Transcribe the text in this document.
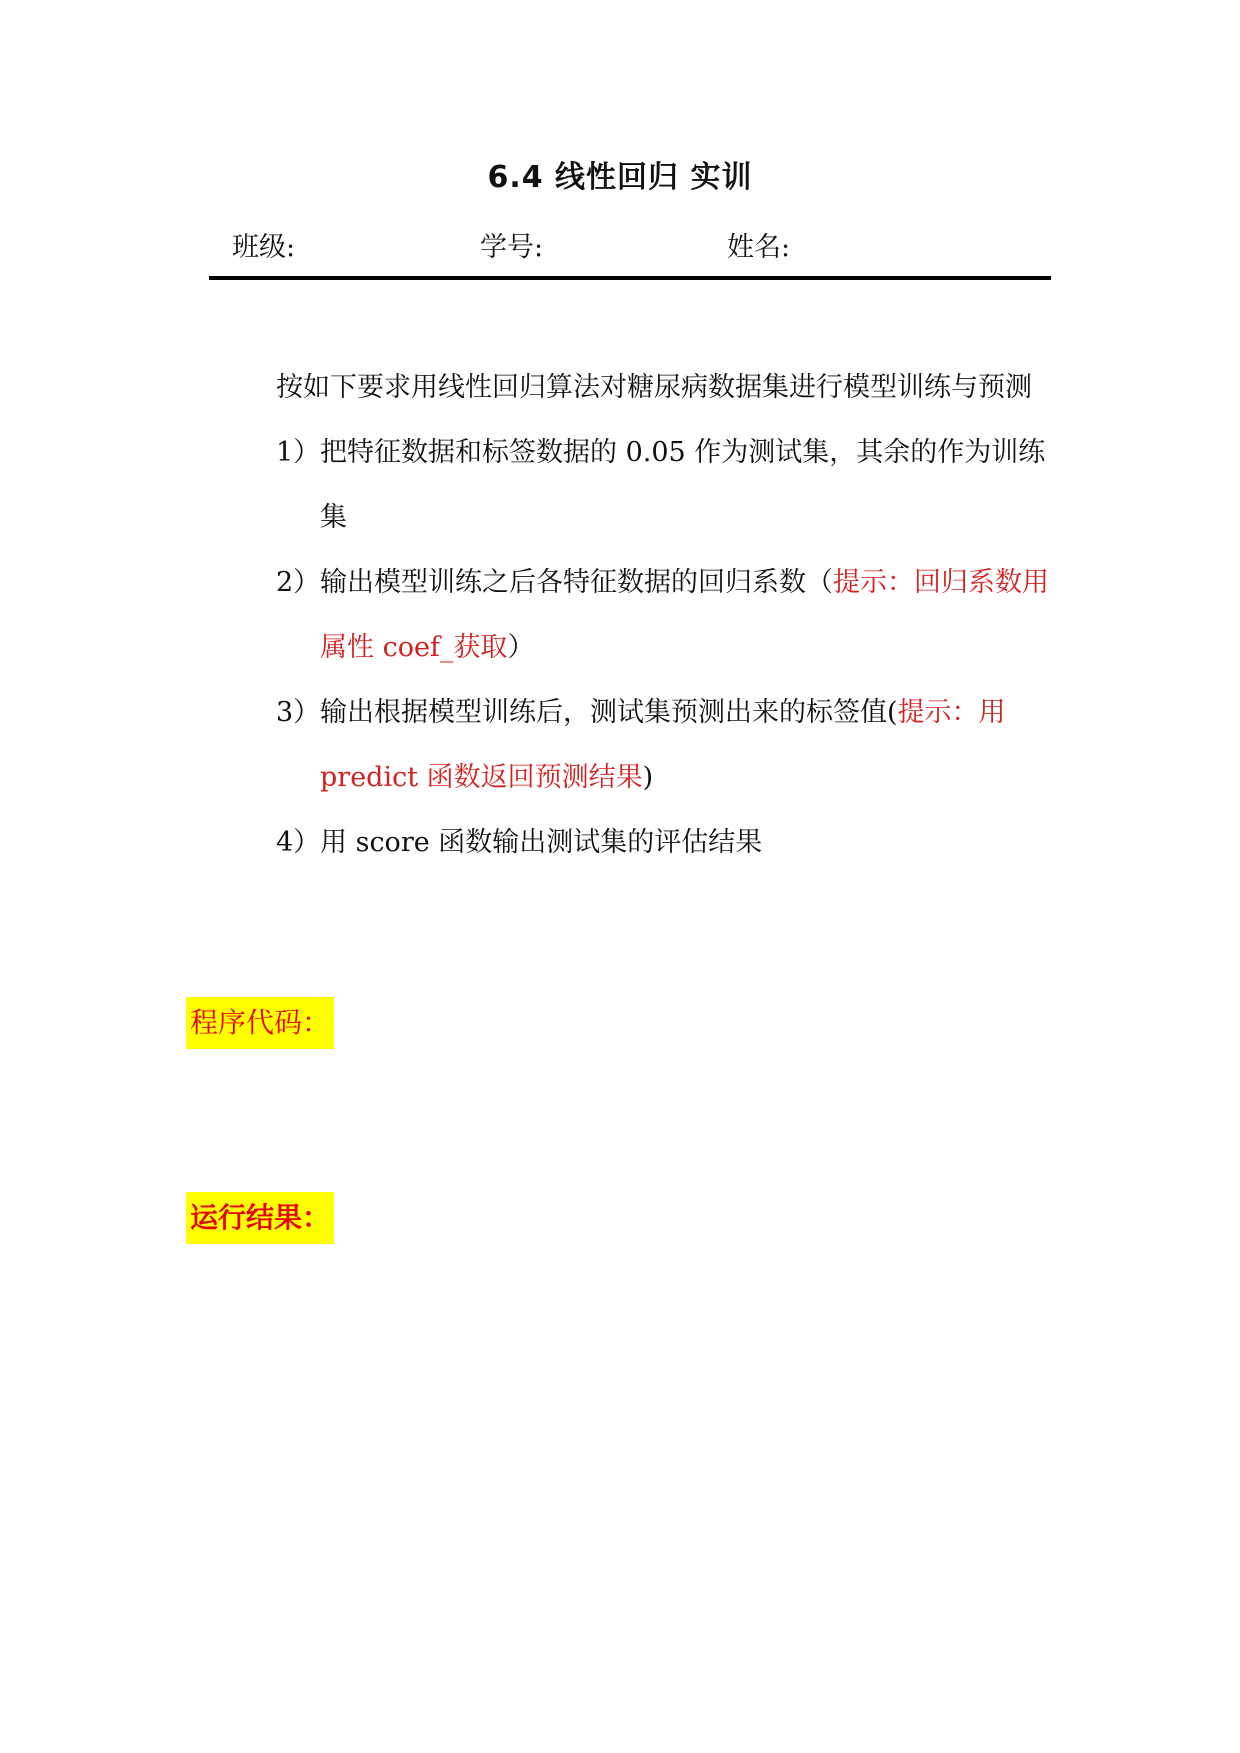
6.4 线性回归 实训
班级:	学号:	姓名:

按如下要求用线性回归算法对糖尿病数据集进行模型训练与预测

1） 把特征数据和标签数据的 0.05 作为测试集，其余的作为训练集
2） 输出模型训练之后各特征数据的回归系数（提示：回归系数用属性 coef_获取）
3） 输出根据模型训练后，测试集预测出来的标签值(提示：用 predict 函数返回预测结果)
4） 用 score 函数输出测试集的评估结果
程序代码：
运行结果：
